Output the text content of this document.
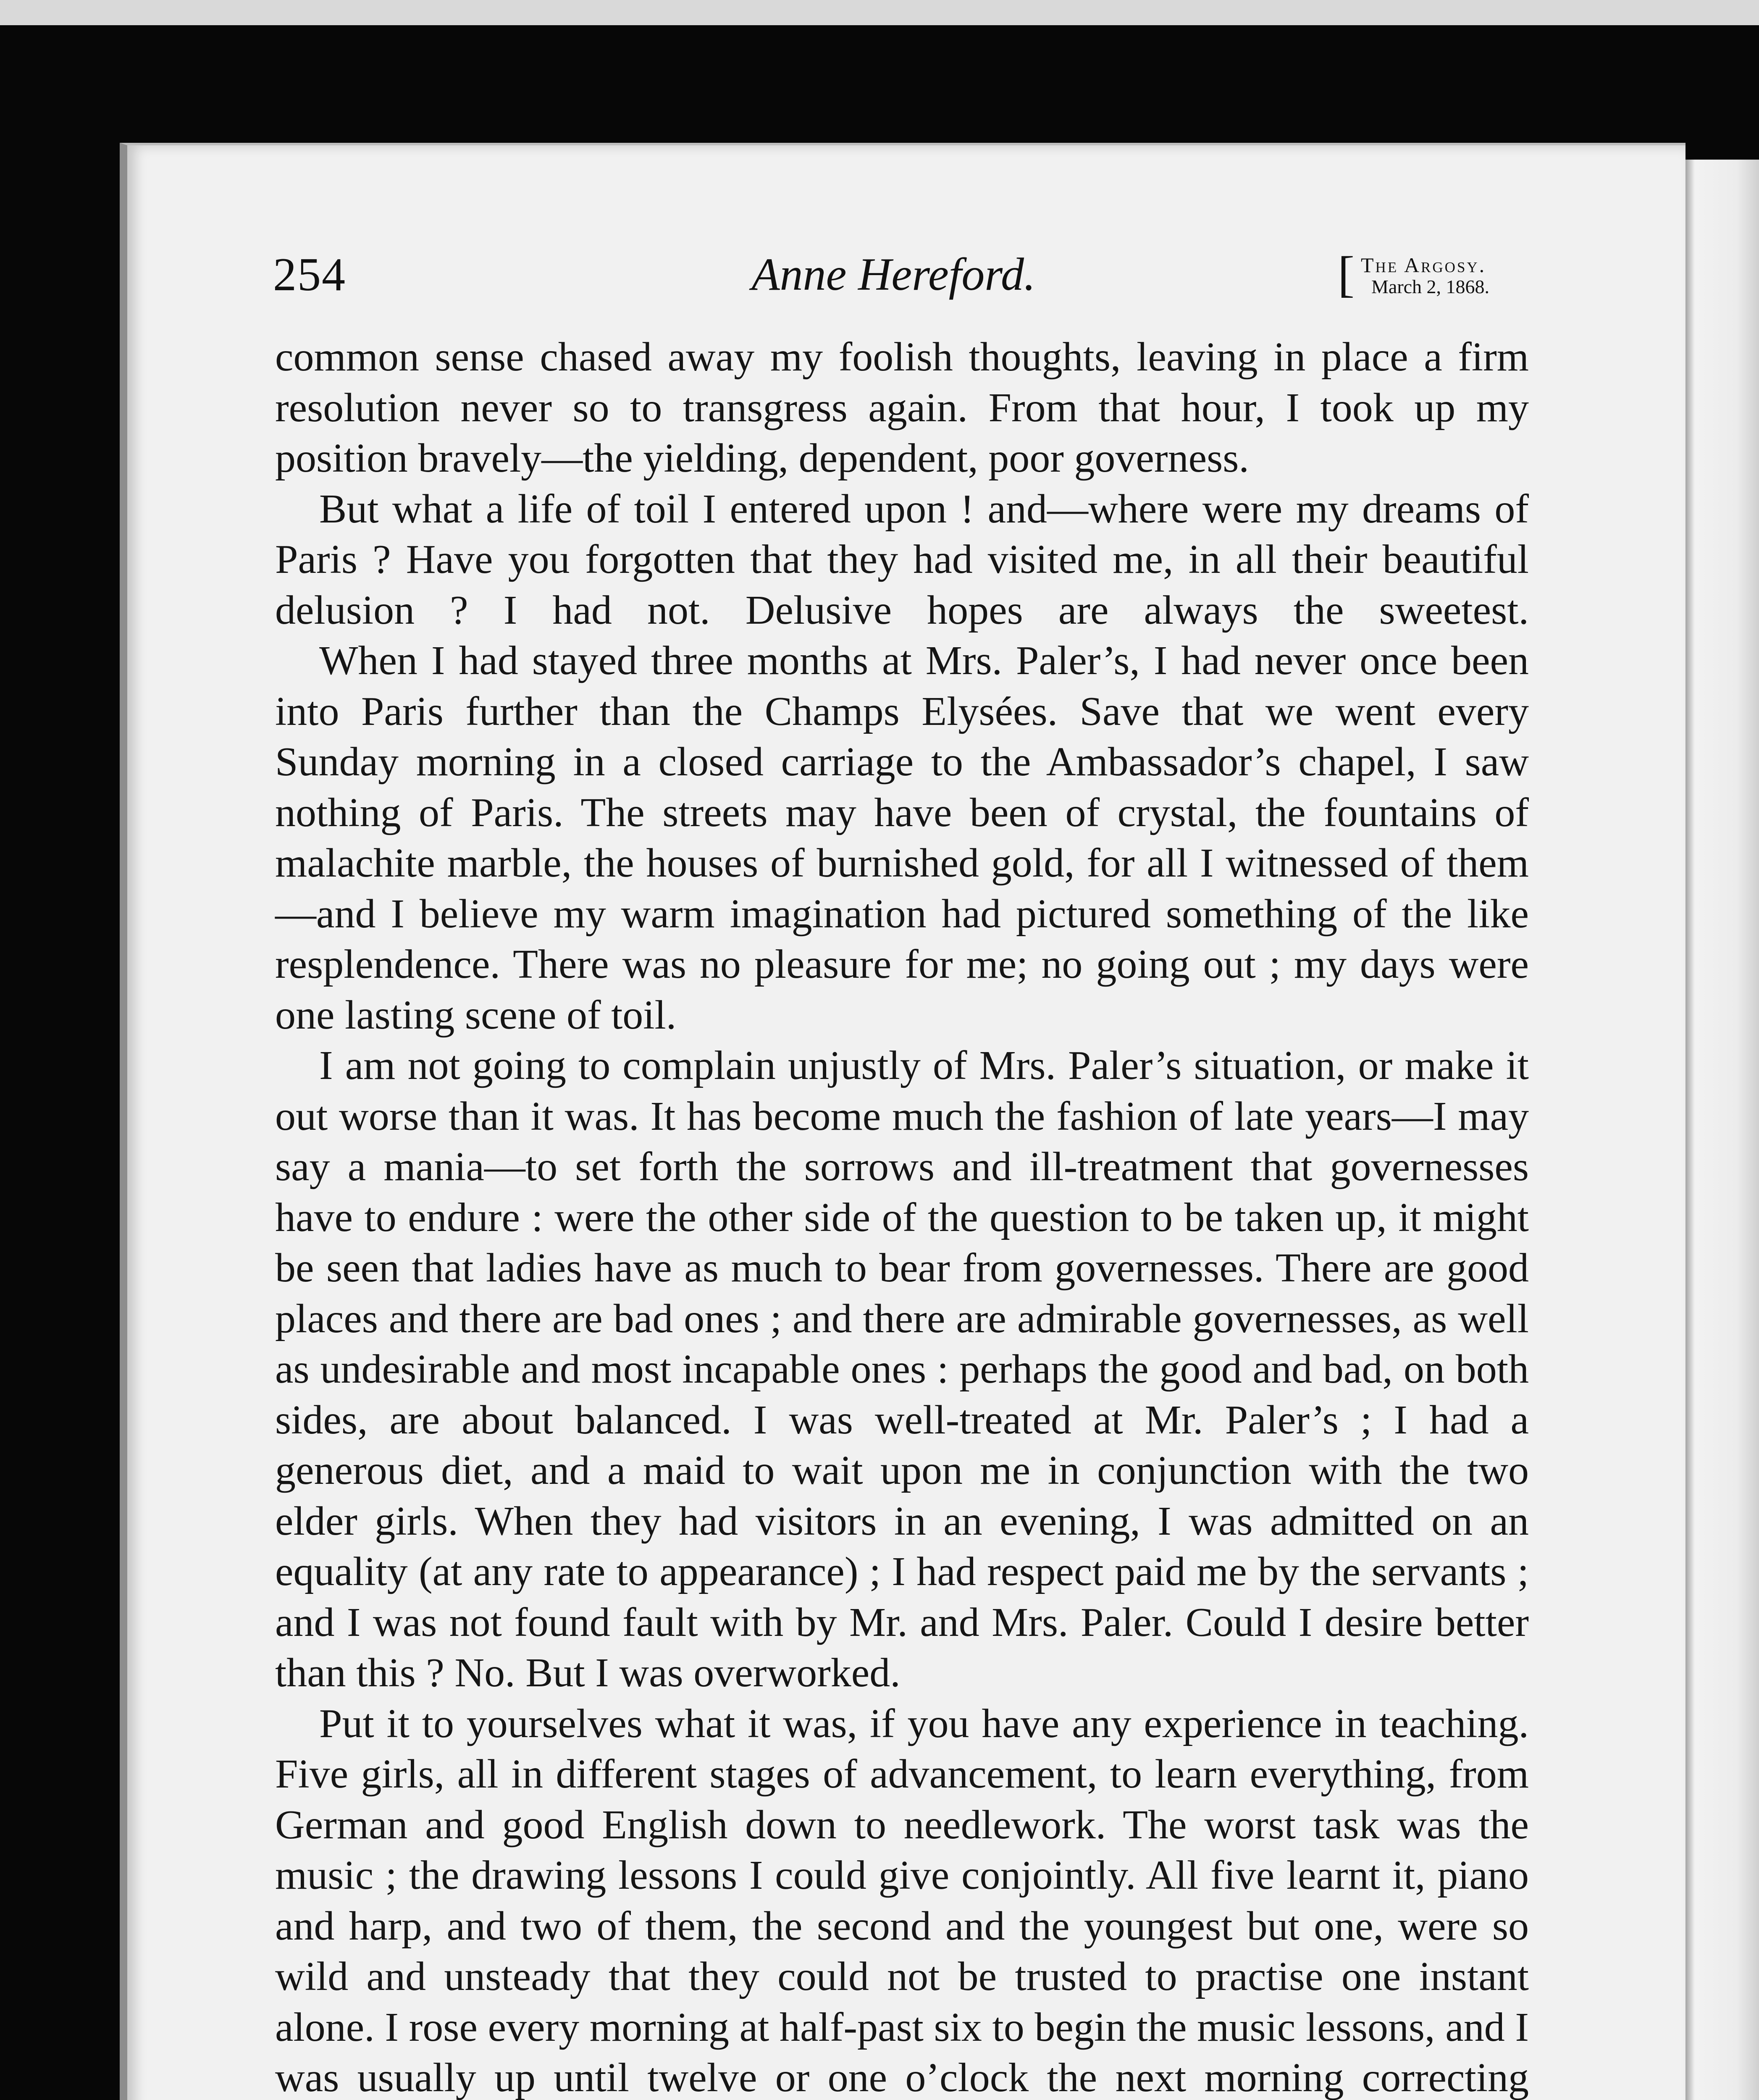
254	Anne Hereford.	[ The Argosy.
March 2, 1868.

common sense chased away my foolish thoughts, leaving in place a firm resolution never so to transgress again. From that hour, I took up my position bravely—the yielding, dependent, poor governess.

But what a life of toil I entered upon ! and—where were my dreams of Paris ? Have you forgotten that they had visited me, in all their beautiful delusion ? I had not. Delusive hopes are always the sweetest.

When I had stayed three months at Mrs. Paler’s, I had never once been into Paris further than the Champs Elysées. Save that we went every Sunday morning in a closed carriage to the Ambassador’s chapel, I saw nothing of Paris. The streets may have been of crystal, the fountains of malachite marble, the houses of burnished gold, for all I witnessed of them—and I believe my warm imagination had pictured something of the like resplendence. There was no pleasure for me; no going out ; my days were one lasting scene of toil.

I am not going to complain unjustly of Mrs. Paler’s situation, or make it out worse than it was. It has become much the fashion of late years—I may say a mania—to set forth the sorrows and ill-treatment that governesses have to endure : were the other side of the question to be taken up, it might be seen that ladies have as much to bear from governesses. There are good places and there are bad ones ; and there are admirable governesses, as well as undesirable and most incapable ones : perhaps the good and bad, on both sides, are about balanced. I was well-treated at Mr. Paler’s ; I had a generous diet, and a maid to wait upon me in conjunction with the two elder girls. When they had visitors in an evening, I was admitted on an equality (at any rate to appearance) ; I had respect paid me by the servants ; and I was not found fault with by Mr. and Mrs. Paler. Could I desire better than this ? No. But I was overworked.

Put it to yourselves what it was, if you have any experience in teaching. Five girls, all in different stages of advancement, to learn everything, from German and good English down to needlework. The worst task was the music ; the drawing lessons I could give conjointly. All five learnt it, piano and harp, and two of them, the second and the youngest but one, were so wild and unsteady that they could not be trusted to practise one instant alone. I rose every morning at half-past six to begin the music lessons, and I was usually up until twelve or one o’clock the next morning correcting
